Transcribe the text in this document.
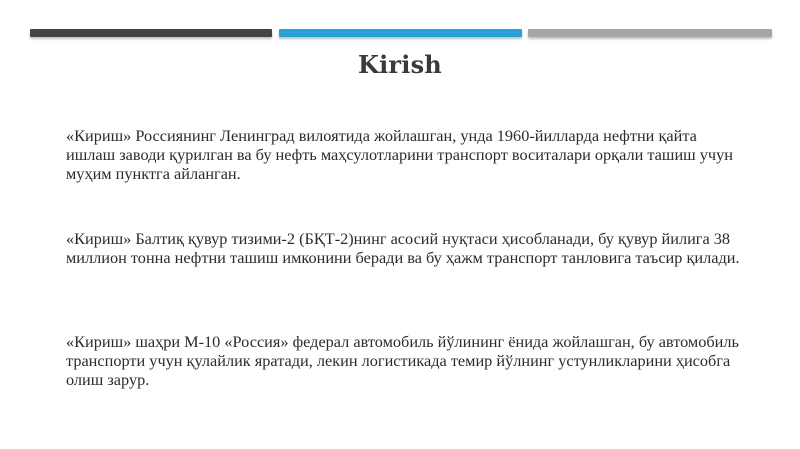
Kirish

«Кириш» Россиянинг Ленинград вилоятида жойлашган, унда 1960-йилларда нефтни қайта ишлаш заводи қурилган ва бу нефть маҳсулотларини транспорт воситалари орқали ташиш учун муҳим пунктга айланган.

«Кириш» Балтиқ қувур тизими-2 (БҚТ-2)нинг асосий нуқтаси ҳисобланади, бу қувур йилига 38 миллион тонна нефтни ташиш имконини беради ва бу ҳажм транспорт танловига таъсир қилади.

«Кириш» шаҳри М-10 «Россия» федерал автомобиль йўлининг ёнида жойлашган, бу автомобиль транспорти учун қулайлик яратади, лекин логистикада темир йўлнинг устунликларини ҳисобга олиш зарур.
